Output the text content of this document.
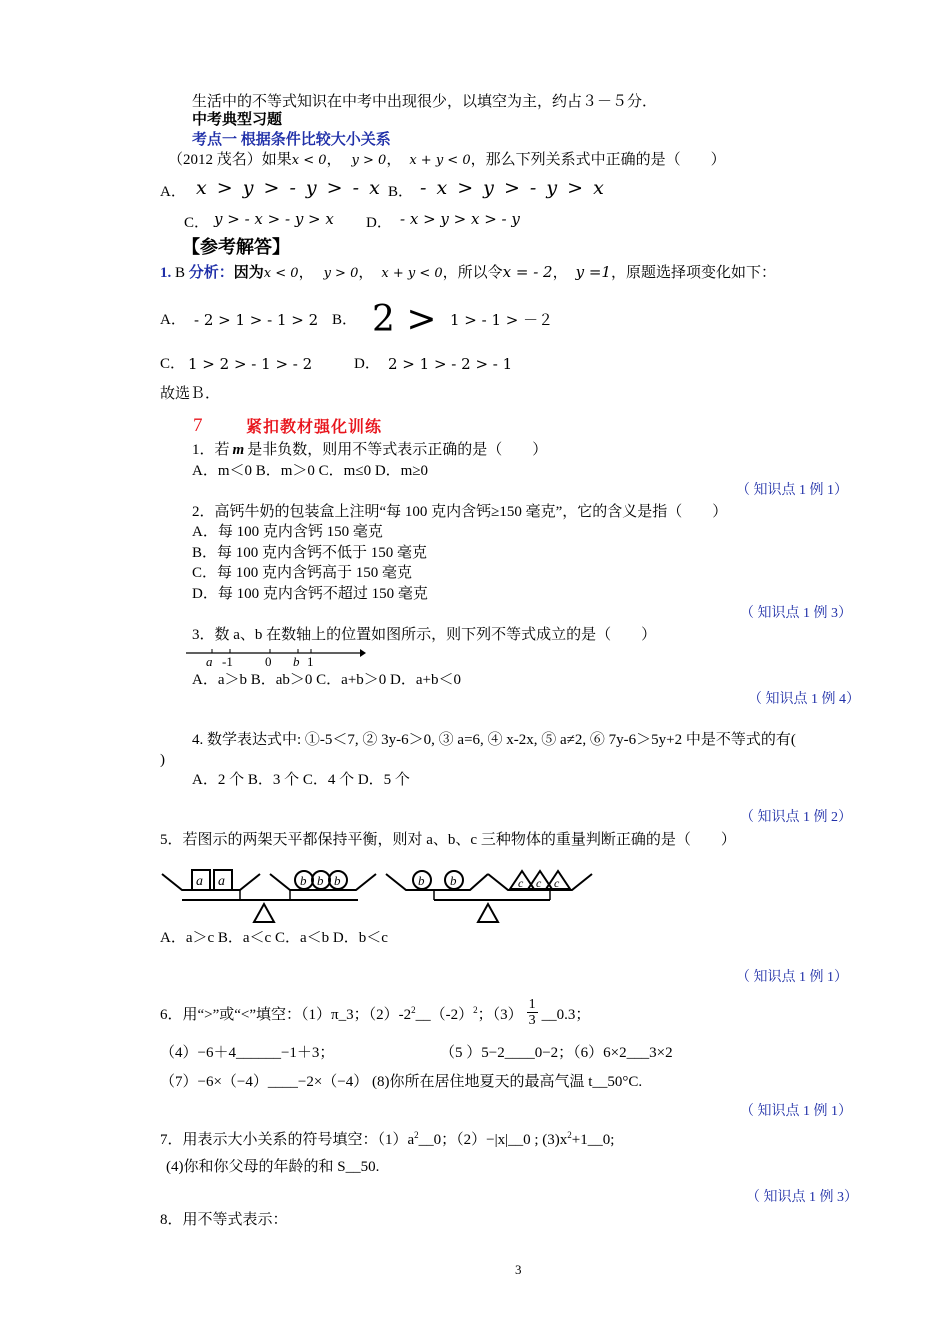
生活中的不等式知识在中考中出现很少，以填空为主，约占３－５分．
中考典型习题
考点一 根据条件比较大小关系
（2012 茂名）如果x < 0， y > 0， x + y < 0，那么下列关系式中正确的是（　　）
A． x > y > - y > - x B． - x > y > - y > x
C． y > - x > - y > x D． - x > y > x > - y
【参考解答】
1. B 分析：因为x < 0， y > 0， x + y < 0，所以令x = - 2， y =1，原题选择项变化如下：
A． - 2 > 1 > - 1 > 2 B． 2 > 1 > - 1 > －２
C． 1 > 2 > - 1 > - 2	D． 2 > 1 > - 2 > - 1
故选Ｂ．
7	紧扣教材强化训练
1．若 m 是非负数，则用不等式表示正确的是（　　）
A．m＜0 B．m＞0 C．m≤0 D．m≥0
（ 知识点 1 例 1）
2．高钙牛奶的包装盒上注明“每 100 克内含钙≥150 毫克”，它的含义是指（　　）
A．每 100 克内含钙 150 毫克
B．每 100 克内含钙不低于 150 毫克
C．每 100 克内含钙高于 150 毫克
D．每 100 克内含钙不超过 150 毫克
（ 知识点 1 例 3）
3．数 a、b 在数轴上的位置如图所示，则下列不等式成立的是（　　）
a -1 0 b 1
A．a＞b B．ab＞0 C．a+b＞0 D．a+b＜0
（ 知识点 1 例 4）
4. 数学表达式中: ①-5＜7, ② 3y-6＞0, ③ a=6, ④ x-2x, ⑤ a≠2, ⑥ 7y-6＞5y+2 中是不等式的有(
)
A．2 个 B．3 个 C．4 个 D．5 个
（ 知识点 1 例 2）
5．若图示的两架天平都保持平衡，则对 a、b、c 三种物体的重量判断正确的是（　　）
a a	b b b	b b	c c c
A．a＞c B．a＜c C．a＜b D．b＜c
（ 知识点 1 例 1）
6．用“>”或“<”填空：（1）π_3；$(2)-2^2\_\_(-2)^2$；$(3) \frac{1}{3}$ __0.3；
（4）−6＋4______−1＋3；	（5 ）5−2____0−2；（6）6×2___3×2
（7）−6×（−4）____−2×（−4） (8)你所在居住地夏天的最高气温 t__50°C.
（ 知识点 1 例 1）
7．用表示大小关系的符号填空：$(1)a^2\_\_0$；（2）−|x|__0 ; $(3)x^2+1\_\_0$;
(4)你和你父母的年龄的和 S__50.
（ 知识点 1 例 3）
8．用不等式表示：
3
